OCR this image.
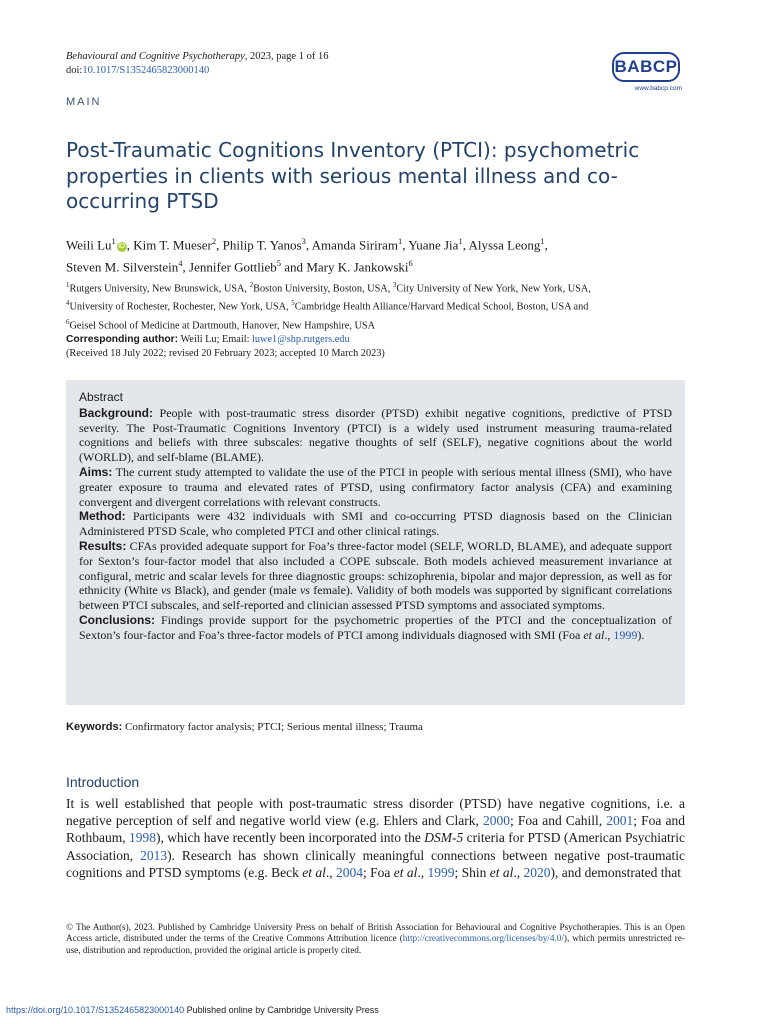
Behavioural and Cognitive Psychotherapy, 2023, page 1 of 16
doi:10.1017/S1352465823000140	BABCP
www.babcp.com
MAIN
Post-Traumatic Cognitions Inventory (PTCI): psychometric properties in clients with serious mental illness and co-occurring PTSD
Weili Lu$^1$iD , Kim T. Mueser$^2$, Philip T. Yanos$^3$, Amanda Siriram$^1$, Yuane Jia$^1$, Alyssa Leong$^1$,
Steven M. Silverstein$^4$, Jennifer Gottlieb$^5$ and Mary K. Jankowski$^6$
$^1$Rutgers University, New Brunswick, USA, $^2$Boston University, Boston, USA, $^3$City University of New York, New York, USA,
$^4$University of Rochester, Rochester, New York, USA, $^5$Cambridge Health Alliance/Harvard Medical School, Boston, USA and
$^6$Geisel School of Medicine at Dartmouth, Hanover, New Hampshire, USA
Corresponding author: Weili Lu; Email: luwe1@shp.rutgers.edu
(Received 18 July 2022; revised 20 February 2023; accepted 10 March 2023)
Abstract

Background: People with post-traumatic stress disorder (PTSD) exhibit negative cognitions, predictive of PTSD severity. The Post-Traumatic Cognitions Inventory (PTCI) is a widely used instrument measuring trauma-related cognitions and beliefs with three subscales: negative thoughts of self (SELF), negative cognitions about the world (WORLD), and self-blame (BLAME).

Aims: The current study attempted to validate the use of the PTCI in people with serious mental illness (SMI), who have greater exposure to trauma and elevated rates of PTSD, using confirmatory factor analysis (CFA) and examining convergent and divergent correlations with relevant constructs.

Method: Participants were 432 individuals with SMI and co-occurring PTSD diagnosis based on the Clinician Administered PTSD Scale, who completed PTCI and other clinical ratings.

Results: CFAs provided adequate support for Foa’s three-factor model (SELF, WORLD, BLAME), and adequate support for Sexton’s four-factor model that also included a COPE subscale. Both models achieved measurement invariance at configural, metric and scalar levels for three diagnostic groups: schizophrenia, bipolar and major depression, as well as for ethnicity (White vs Black), and gender (male vs female). Validity of both models was supported by significant correlations between PTCI subscales, and self-reported and clinician assessed PTSD symptoms and associated symptoms.

Conclusions: Findings provide support for the psychometric properties of the PTCI and the conceptualization of Sexton’s four-factor and Foa’s three-factor models of PTCI among individuals diagnosed with SMI (Foa et al., 1999).

Keywords: Confirmatory factor analysis; PTCI; Serious mental illness; Trauma
Introduction
It is well established that people with post-traumatic stress disorder (PTSD) have negative cognitions, i.e. a negative perception of self and negative world view (e.g. Ehlers and Clark, 2000; Foa and Cahill, 2001; Foa and Rothbaum, 1998), which have recently been incorporated into the DSM-5 criteria for PTSD (American Psychiatric Association, 2013). Research has shown clinically meaningful connections between negative post-traumatic cognitions and PTSD symptoms (e.g. Beck et al., 2004; Foa et al., 1999; Shin et al., 2020), and demonstrated that
© The Author(s), 2023. Published by Cambridge University Press on behalf of British Association for Behavioural and Cognitive Psychotherapies. This is an Open Access article, distributed under the terms of the Creative Commons Attribution licence (http://creativecommons.org/licenses/by/4.0/), which permits unrestricted re-use, distribution and reproduction, provided the original article is properly cited.
https://doi.org/10.1017/S1352465823000140 Published online by Cambridge University Press
